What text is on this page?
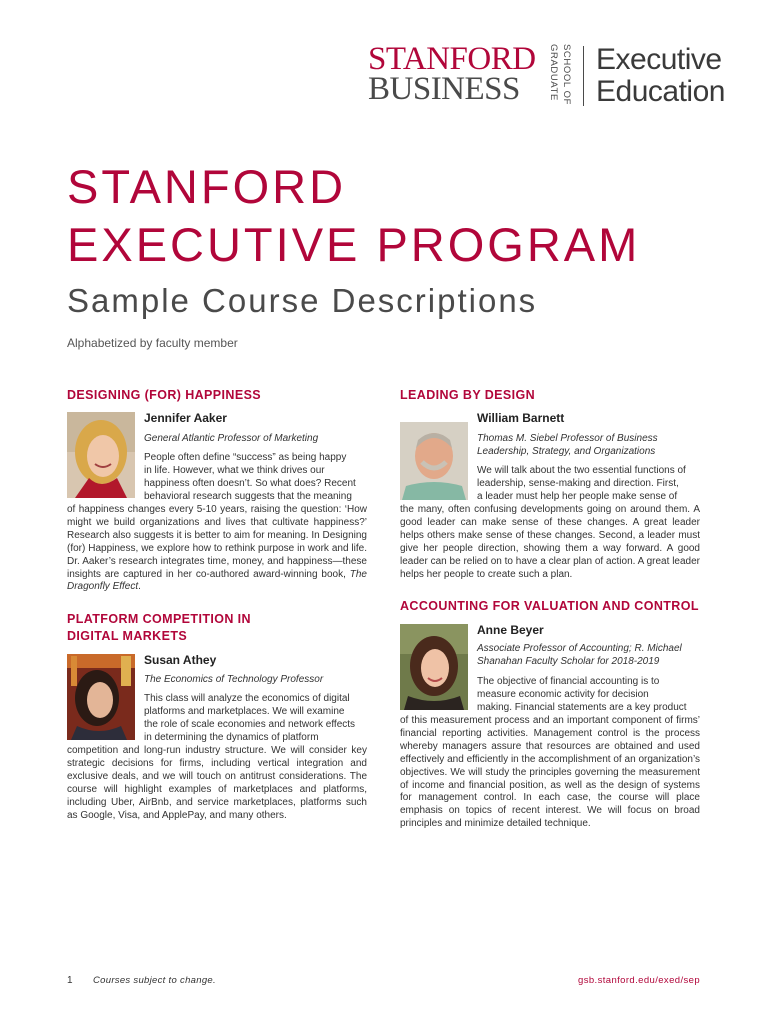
STANFORD
BUSINESS	GRADUATE SCHOOL OF Executive
Education
STANFORD
EXECUTIVE PROGRAM
Sample Course Descriptions
Alphabetized by faculty member
DESIGNING (FOR) HAPPINESS
Jennifer Aaker
General Atlantic Professor of Marketing
People often define “success” as being happy
in life. However, what we think drives our
happiness often doesn’t. So what does? Recent
behavioral research suggests that the meaning

of happiness changes every 5-10 years, raising the question: ‘How might we build organizations and lives that cultivate happiness?’ Research also suggests it is better to aim for meaning. In Designing (for) Happiness, we explore how to rethink purpose in work and life. Dr. Aaker’s research integrates time, money, and happiness—these insights are captured in her co-authored award-winning book, The Dragonfly Effect.

PLATFORM COMPETITION IN
DIGITAL MARKETS
Susan Athey
The Economics of Technology Professor
This class will analyze the economics of digital
platforms and marketplaces. We will examine
the role of scale economies and network effects
in determining the dynamics of platform

competition and long-run industry structure. We will consider key strategic decisions for firms, including vertical integration and exclusive deals, and we will touch on antitrust considerations. The course will highlight examples of marketplaces and platforms, including Uber, AirBnb, and service marketplaces, platforms such as Google, Visa, and ApplePay, and many others.

LEADING BY DESIGN
William Barnett
Thomas M. Siebel Professor of Business
Leadership, Strategy, and Organizations
We will talk about the two essential functions of
leadership, sense-making and direction. First,
a leader must help her people make sense of

the many, often confusing developments going on around them. A good leader can make sense of these changes. A great leader helps others make sense of these changes. Second, a leader must give her people direction, showing them a way forward. A good leader can be relied on to have a clear plan of action. A great leader helps her people to create such a plan.

ACCOUNTING FOR VALUATION AND CONTROL
Anne Beyer
Associate Professor of Accounting; R. Michael
Shanahan Faculty Scholar for 2018-2019
The objective of financial accounting is to
measure economic activity for decision
making. Financial statements are a key product

of this measurement process and an important component of firms’ financial reporting activities. Management control is the process whereby managers assure that resources are obtained and used effectively and efficiently in the accomplishment of an organization’s objectives. We will study the principles governing the measurement of income and financial position, as well as the design of systems for management control. In each case, the course will place emphasis on topics of recent interest. We will focus on broad principles and minimize detailed technique.

1 Courses subject to change.	gsb.stanford.edu/exed/sep
